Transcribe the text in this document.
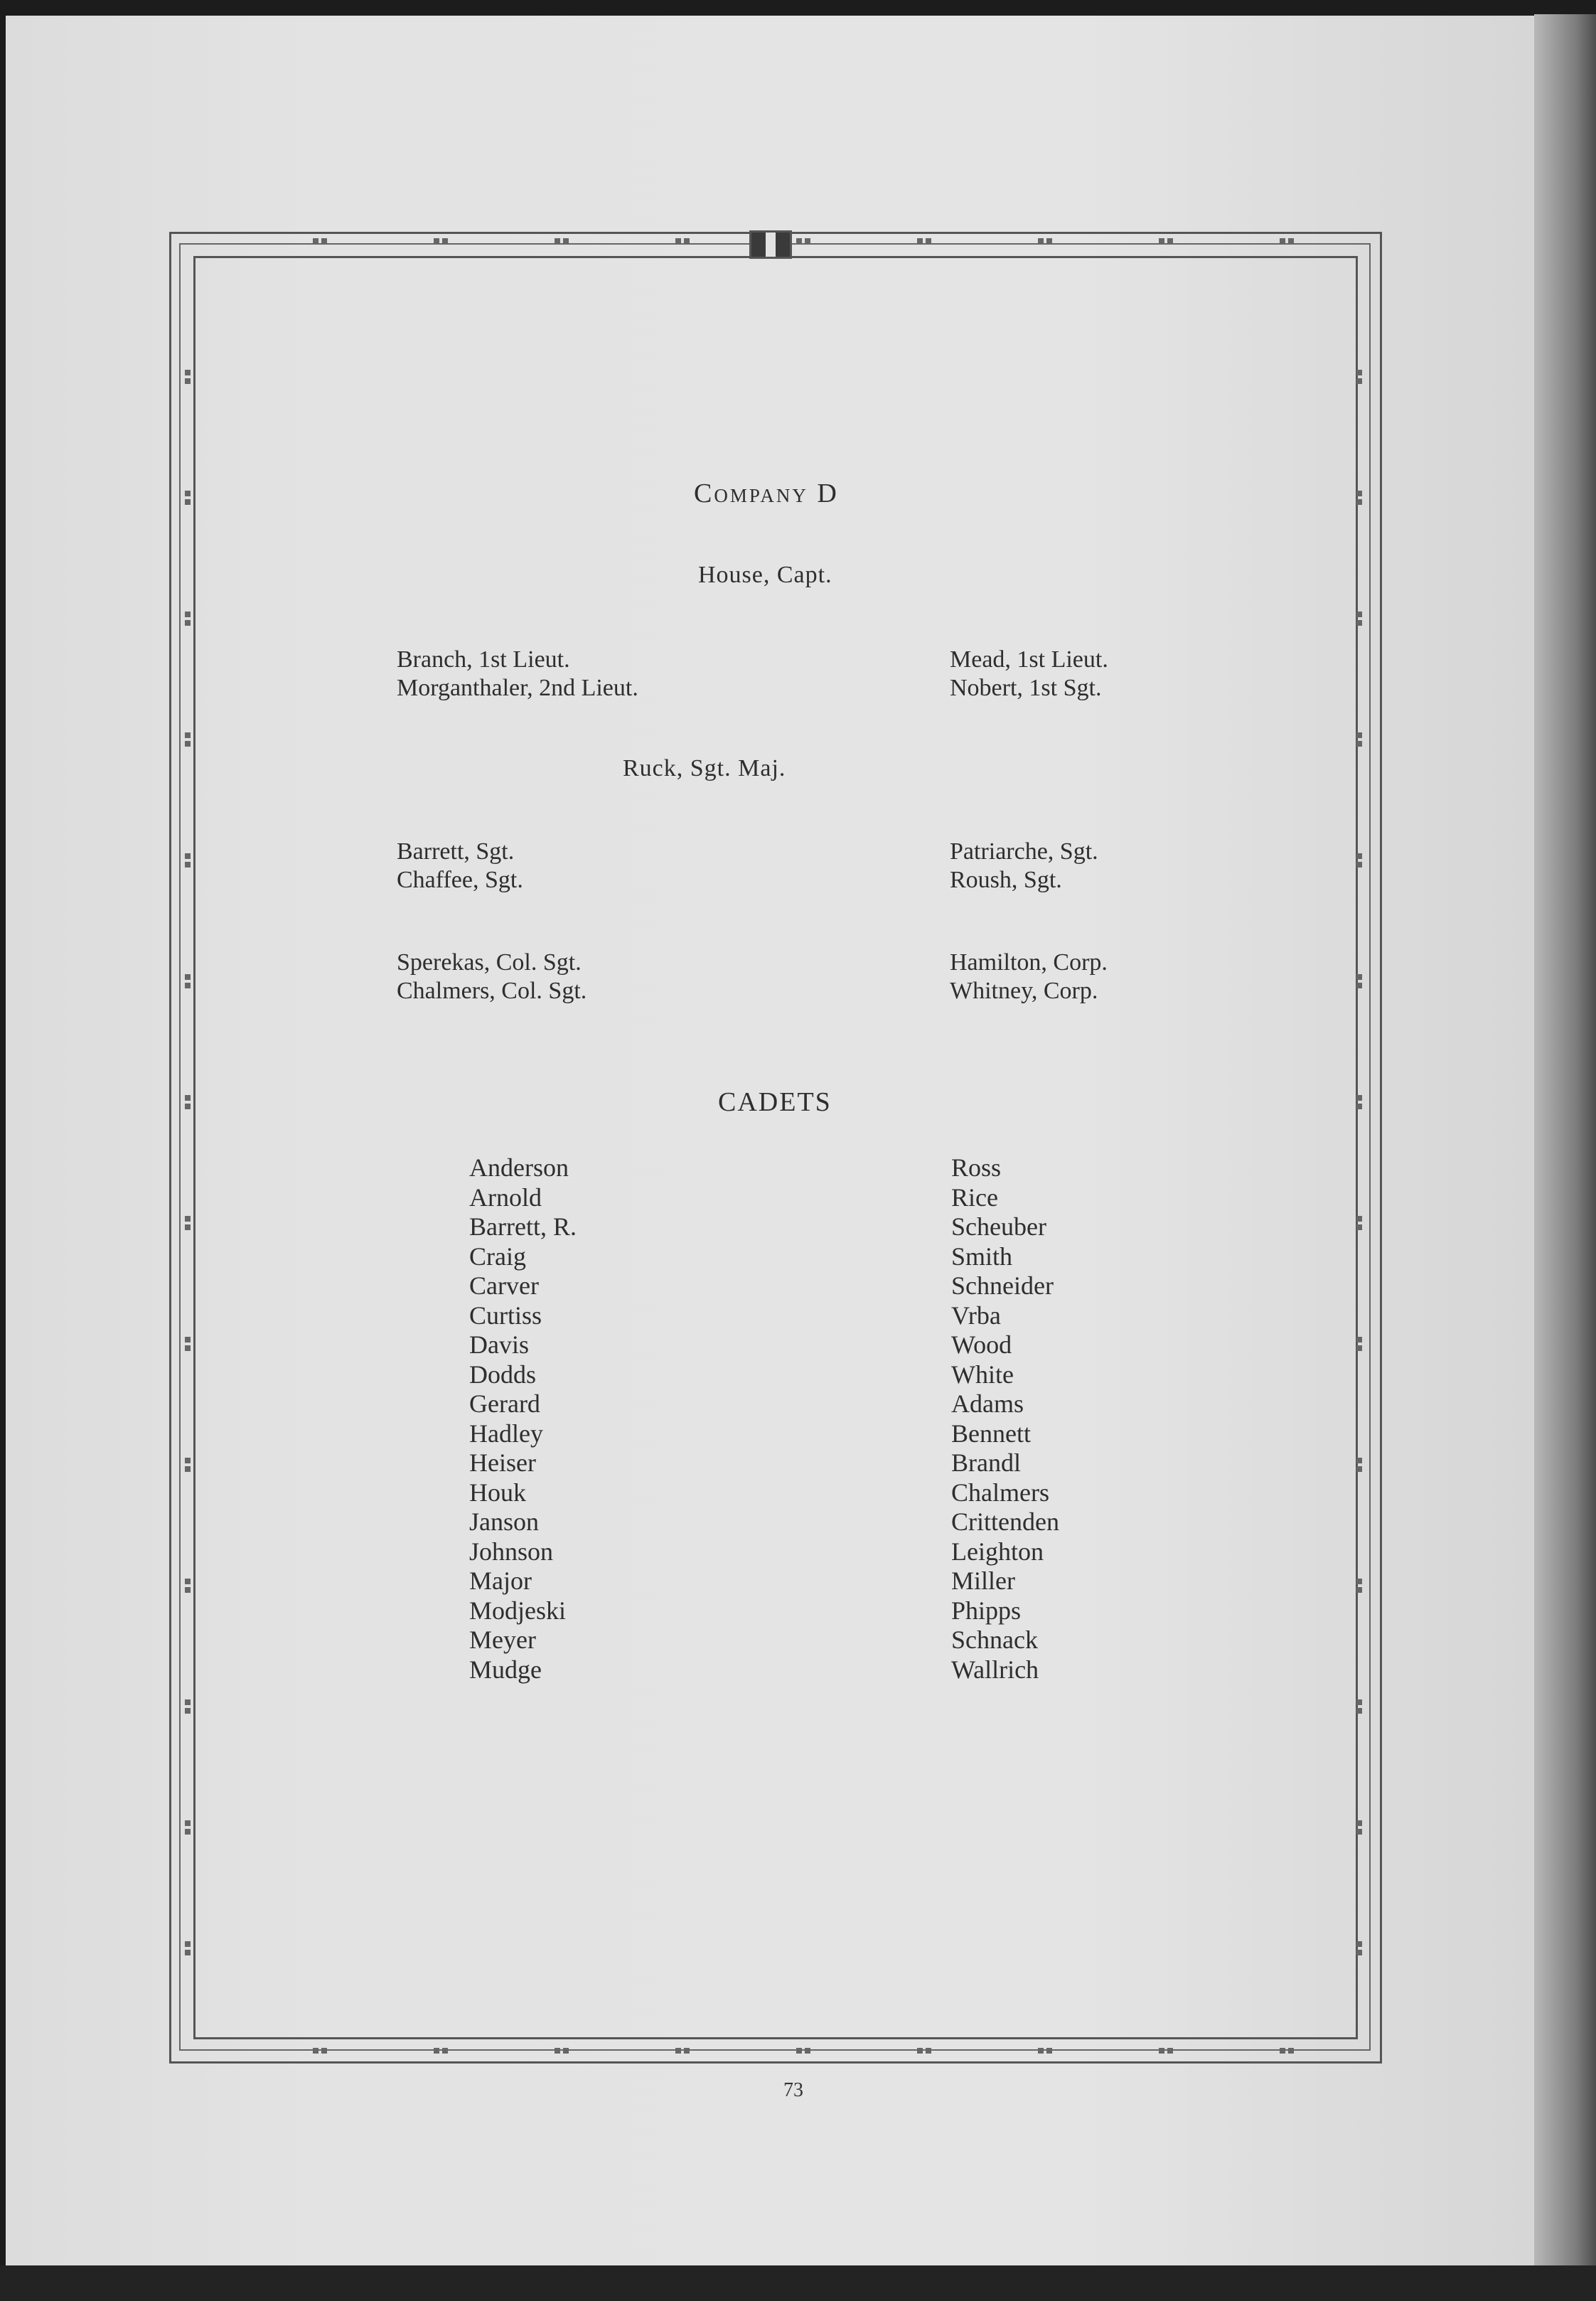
Company D
House, Capt.
Branch, 1st Lieut.
Morganthaler, 2nd Lieut.
Mead, 1st Lieut.
Nobert, 1st Sgt.
Ruck, Sgt. Maj.
Barrett, Sgt.
Chaffee, Sgt.
Patriarche, Sgt.
Roush, Sgt.
Sperekas, Col. Sgt.
Chalmers, Col. Sgt.
Hamilton, Corp.
Whitney, Corp.
CADETS
Anderson
Arnold
Barrett, R.
Craig
Carver
Curtiss
Davis
Dodds
Gerard
Hadley
Heiser
Houk
Janson
Johnson
Major
Modjeski
Meyer
Mudge
Ross
Rice
Scheuber
Smith
Schneider
Vrba
Wood
White
Adams
Bennett
Brandl
Chalmers
Crittenden
Leighton
Miller
Phipps
Schnack
Wallrich
73
